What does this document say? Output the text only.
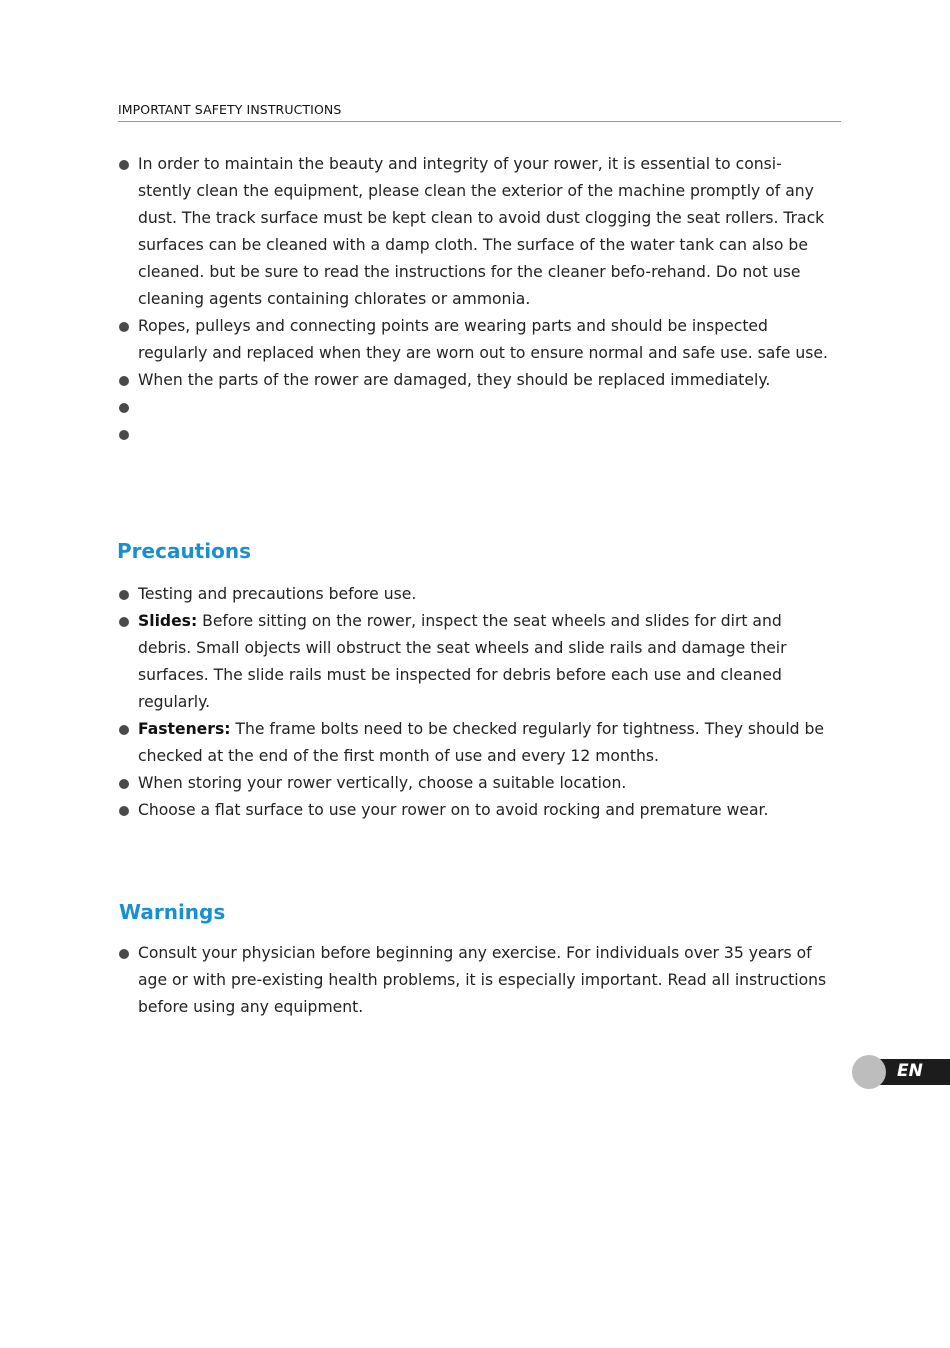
IMPORTANT SAFETY INSTRUCTIONS
In order to maintain the beauty and integrity of your rower, it is essential to consi-stently clean the equipment, please clean the exterior of the machine promptly of any dust. The track surface must be kept clean to avoid dust clogging the seat rollers. Track surfaces can be cleaned with a damp cloth. The surface of the water tank can also be cleaned. but be sure to read the instructions for the cleaner befo-rehand. Do not use cleaning agents containing chlorates or ammonia.
Ropes, pulleys and connecting points are wearing parts and should be inspected regularly and replaced when they are worn out to ensure normal and safe use. safe use.
When the parts of the rower are damaged, they should be replaced immediately.
Precautions
Testing and precautions before use.
Slides: Before sitting on the rower, inspect the seat wheels and slides for dirt and debris. Small objects will obstruct the seat wheels and slide rails and damage their surfaces. The slide rails must be inspected for debris before each use and cleaned regularly.
Fasteners: The frame bolts need to be checked regularly for tightness. They should be checked at the end of the first month of use and every 12 months.
When storing your rower vertically, choose a suitable location.
Choose a flat surface to use your rower on to avoid rocking and premature wear.
Warnings
Consult your physician before beginning any exercise. For individuals over 35 years of age or with pre-existing health problems, it is especially important. Read all instructions before using any equipment.
EN
